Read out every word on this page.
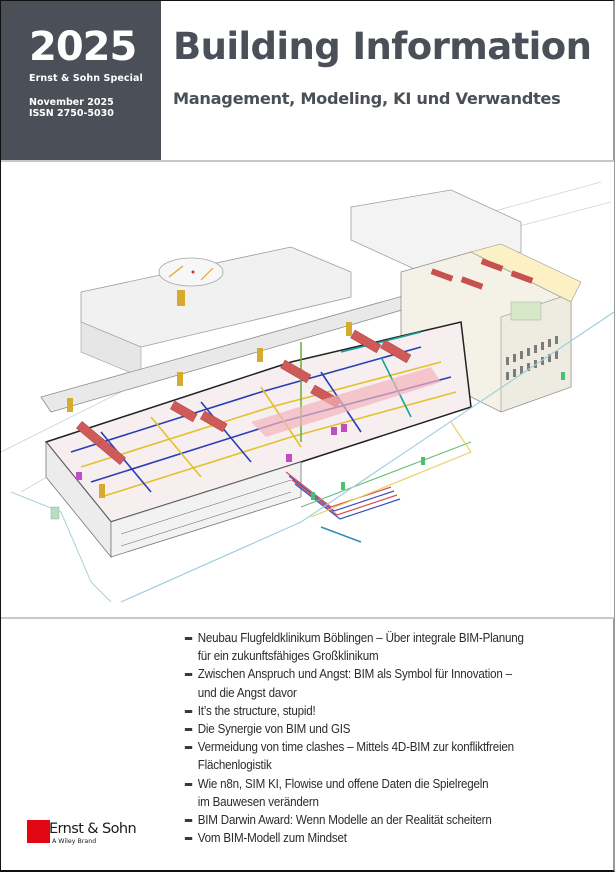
2025
Ernst & Sohn Special
November 2025
ISSN 2750-5030
Building Information
Management, Modeling, KI und Verwandtes
Neubau Flugfeldklinikum Böblingen – Über integrale BIM-Planung
für ein zukunftsfähiges Großklinikum
Zwischen Anspruch und Angst: BIM als Symbol für Innovation –
und die Angst davor
It’s the structure, stupid!
Die Synergie von BIM und GIS
Vermeidung von time clashes – Mittels 4D-BIM zur konfliktfreien
Flächenlogistik
Wie n8n, SIM KI, Flowise und offene Daten die Spielregeln
im Bauwesen verändern
BIM Darwin Award: Wenn Modelle an der Realität scheitern
Vom BIM-Modell zum Mindset
Ernst & Sohn
A Wiley Brand
